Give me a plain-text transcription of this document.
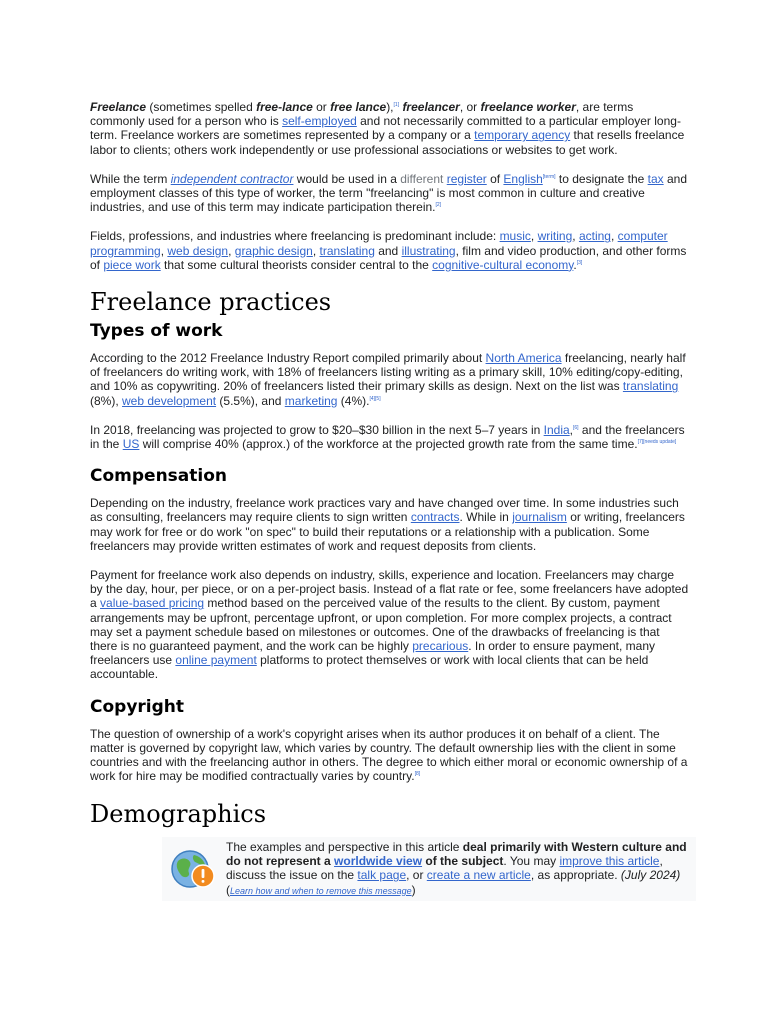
Freelance (sometimes spelled free-lance or free lance),[1] freelancer, or freelance worker, are terms commonly used for a person who is self-employed and not necessarily committed to a particular employer long-term. Freelance workers are sometimes represented by a company or a temporary agency that resells freelance labor to clients; others work independently or use professional associations or websites to get work.

While the term independent contractor would be used in a different register of English[term] to designate the tax and employment classes of this type of worker, the term "freelancing" is most common in culture and creative industries, and use of this term may indicate participation therein.[2]

Fields, professions, and industries where freelancing is predominant include: music, writing, acting, computer programming, web design, graphic design, translating and illustrating, film and video production, and other forms of piece work that some cultural theorists consider central to the cognitive-cultural economy.[3]

Freelance practices
Types of work

According to the 2012 Freelance Industry Report compiled primarily about North America freelancing, nearly half of freelancers do writing work, with 18% of freelancers listing writing as a primary skill, 10% editing/copy-editing, and 10% as copywriting. 20% of freelancers listed their primary skills as design. Next on the list was translating (8%), web development (5.5%), and marketing (4%).[4][5]

In 2018, freelancing was projected to grow to $20–$30 billion in the next 5–7 years in India,[6] and the freelancers in the US will comprise 40% (approx.) of the workforce at the projected growth rate from the same time.[7][needs update]

Compensation

Depending on the industry, freelance work practices vary and have changed over time. In some industries such as consulting, freelancers may require clients to sign written contracts. While in journalism or writing, freelancers may work for free or do work "on spec" to build their reputations or a relationship with a publication. Some freelancers may provide written estimates of work and request deposits from clients.

Payment for freelance work also depends on industry, skills, experience and location. Freelancers may charge by the day, hour, per piece, or on a per-project basis. Instead of a flat rate or fee, some freelancers have adopted a value-based pricing method based on the perceived value of the results to the client. By custom, payment arrangements may be upfront, percentage upfront, or upon completion. For more complex projects, a contract may set a payment schedule based on milestones or outcomes. One of the drawbacks of freelancing is that there is no guaranteed payment, and the work can be highly precarious. In order to ensure payment, many freelancers use online payment platforms to protect themselves or work with local clients that can be held accountable.

Copyright

The question of ownership of a work's copyright arises when its author produces it on behalf of a client. The matter is governed by copyright law, which varies by country. The default ownership lies with the client in some countries and with the freelancing author in others. The degree to which either moral or economic ownership of a work for hire may be modified contractually varies by country.[8]

Demographics
The examples and perspective in this article deal primarily with Western culture and do not represent a worldwide view of the subject. You may improve this article, discuss the issue on the talk page, or create a new article, as appropriate. (July 2024) (Learn how and when to remove this message)
